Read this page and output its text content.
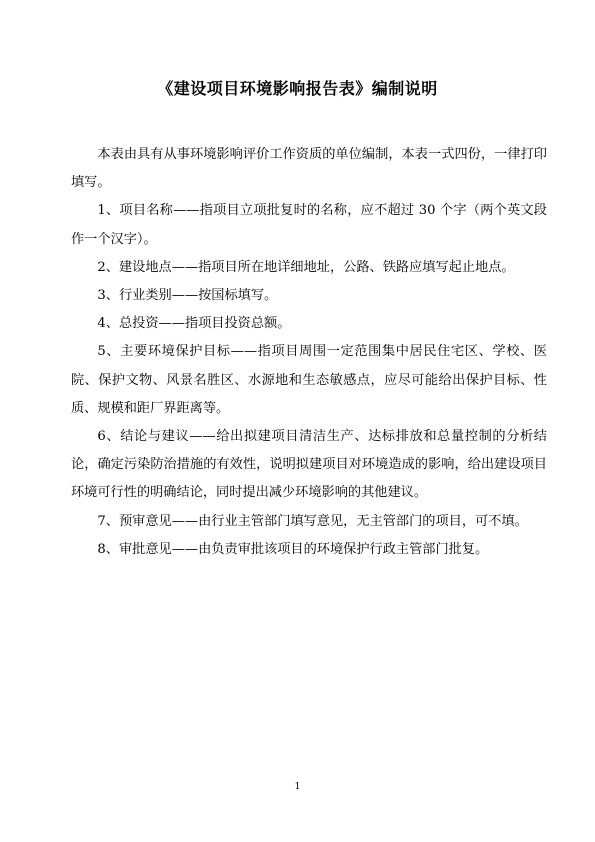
《建设项目环境影响报告表》编制说明

本表由具有从事环境影响评价工作资质的单位编制，本表一式四份，一律打印填写。

1、项目名称——指项目立项批复时的名称，应不超过 30 个字（两个英文段作一个汉字）。

2、建设地点——指项目所在地详细地址，公路、铁路应填写起止地点。

3、行业类别——按国标填写。

4、总投资——指项目投资总额。

5、主要环境保护目标——指项目周围一定范围集中居民住宅区、学校、医院、保护文物、风景名胜区、水源地和生态敏感点，应尽可能给出保护目标、性质、规模和距厂界距离等。

6、结论与建议——给出拟建项目清洁生产、达标排放和总量控制的分析结论，确定污染防治措施的有效性，说明拟建项目对环境造成的影响，给出建设项目环境可行性的明确结论，同时提出减少环境影响的其他建议。

7、预审意见——由行业主管部门填写意见，无主管部门的项目，可不填。

8、审批意见——由负责审批该项目的环境保护行政主管部门批复。

1
